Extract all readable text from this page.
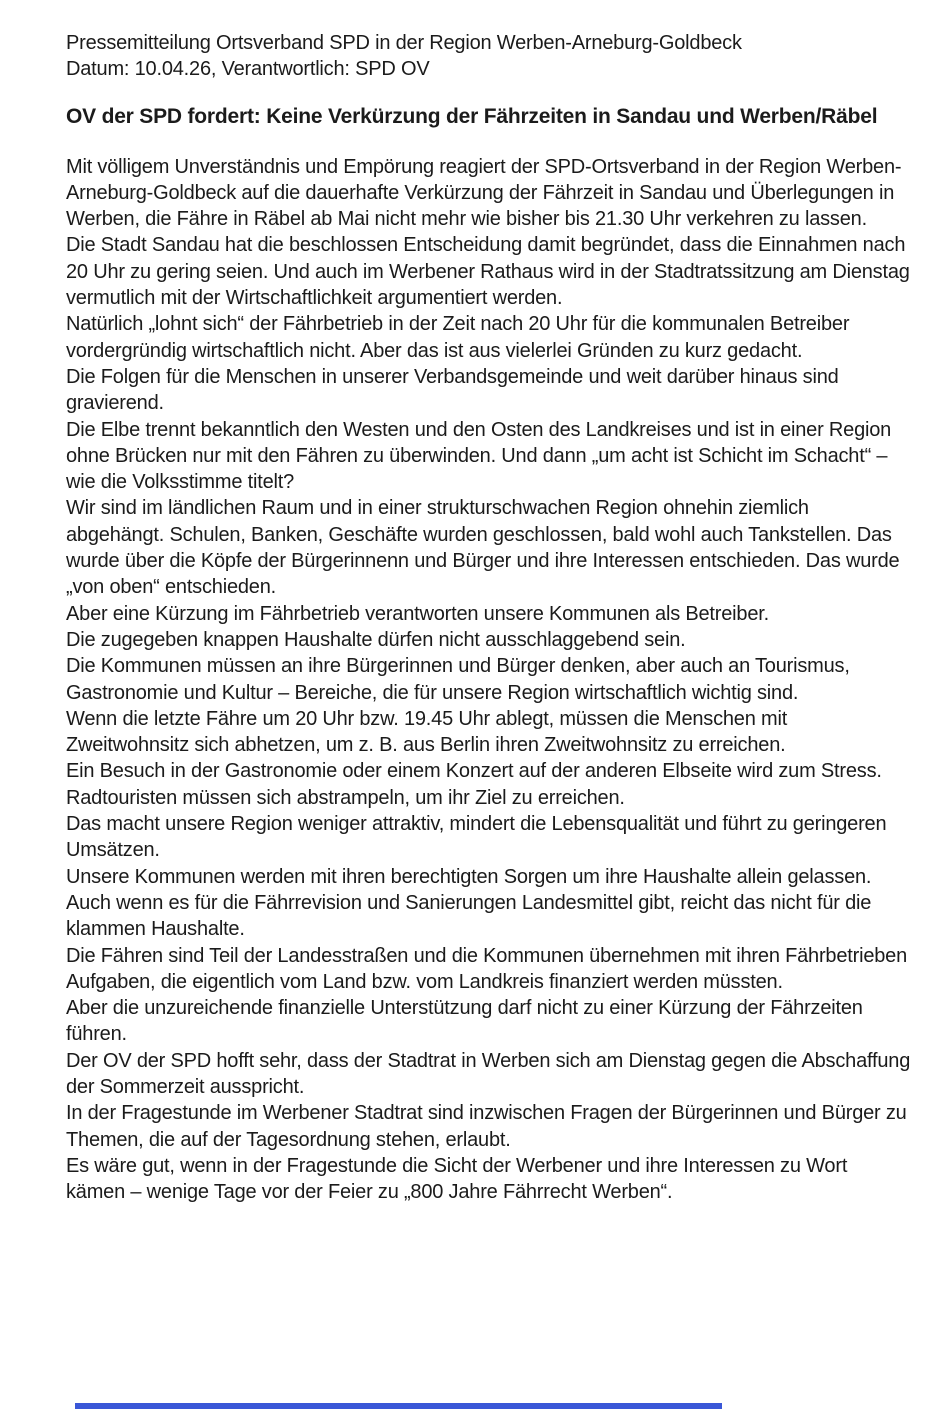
Pressemitteilung Ortsverband SPD in der Region Werben-Arneburg-Goldbeck

Datum: 10.04.26, Verantwortlich: SPD OV

OV der SPD fordert: Keine Verkürzung der Fährzeiten in Sandau und Werben/Räbel

Mit völligem Unverständnis und Empörung reagiert der SPD-Ortsverband in der Region Werben-Arneburg-Goldbeck auf die dauerhafte Verkürzung der Fährzeit in Sandau und Überlegungen in Werben, die Fähre in Räbel ab Mai nicht mehr wie bisher bis 21.30 Uhr verkehren zu lassen.

Die Stadt Sandau hat die beschlossen Entscheidung damit begründet, dass die Einnahmen nach 20 Uhr zu gering seien. Und auch im Werbener Rathaus wird in der Stadtratssitzung am Dienstag vermutlich mit der Wirtschaftlichkeit argumentiert werden.

Natürlich „lohnt sich“ der Fährbetrieb in der Zeit nach 20 Uhr für die kommunalen Betreiber vordergründig wirtschaftlich nicht. Aber das ist aus vielerlei Gründen zu kurz gedacht.

Die Folgen für die Menschen in unserer Verbandsgemeinde und weit darüber hinaus sind gravierend.

Die Elbe trennt bekanntlich den Westen und den Osten des Landkreises und ist in einer Region ohne Brücken nur mit den Fähren zu überwinden. Und dann „um acht ist Schicht im Schacht“ – wie die Volksstimme titelt?

Wir sind im ländlichen Raum und in einer strukturschwachen Region ohnehin ziemlich abgehängt. Schulen, Banken, Geschäfte wurden geschlossen, bald wohl auch Tankstellen. Das wurde über die Köpfe der Bürgerinnenn und Bürger und ihre Interessen entschieden. Das wurde „von oben“ entschieden.

Aber eine Kürzung im Fährbetrieb verantworten unsere Kommunen als Betreiber.

Die zugegeben knappen Haushalte dürfen nicht ausschlaggebend sein.

Die Kommunen müssen an ihre Bürgerinnen und Bürger denken, aber auch an Tourismus, Gastronomie und Kultur – Bereiche, die für unsere Region wirtschaftlich wichtig sind.

Wenn die letzte Fähre um 20 Uhr bzw. 19.45 Uhr ablegt, müssen die Menschen mit Zweitwohnsitz sich abhetzen, um z. B. aus Berlin ihren Zweitwohnsitz zu erreichen.

Ein Besuch in der Gastronomie oder einem Konzert auf der anderen Elbseite wird zum Stress.

Radtouristen müssen sich abstrampeln, um ihr Ziel zu erreichen.

Das macht unsere Region weniger attraktiv, mindert die Lebensqualität und führt zu geringeren Umsätzen.

Unsere Kommunen werden mit ihren berechtigten Sorgen um ihre Haushalte allein gelassen. Auch wenn es für die Fährrevision und Sanierungen Landesmittel gibt, reicht das nicht für die klammen Haushalte.

Die Fähren sind Teil der Landesstraßen und die Kommunen übernehmen mit ihren Fährbetrieben Aufgaben, die eigentlich vom Land bzw. vom Landkreis finanziert werden müssten.

Aber die unzureichende finanzielle Unterstützung darf nicht zu einer Kürzung der Fährzeiten führen.

Der OV der SPD hofft sehr, dass der Stadtrat in Werben sich am Dienstag gegen die Abschaffung der Sommerzeit ausspricht.

In der Fragestunde im Werbener Stadtrat sind inzwischen Fragen der Bürgerinnen und Bürger zu Themen, die auf der Tagesordnung stehen, erlaubt.

Es wäre gut, wenn in der Fragestunde die Sicht der Werbener und ihre Interessen zu Wort kämen – wenige Tage vor der Feier zu „800 Jahre Fährrecht Werben“.
